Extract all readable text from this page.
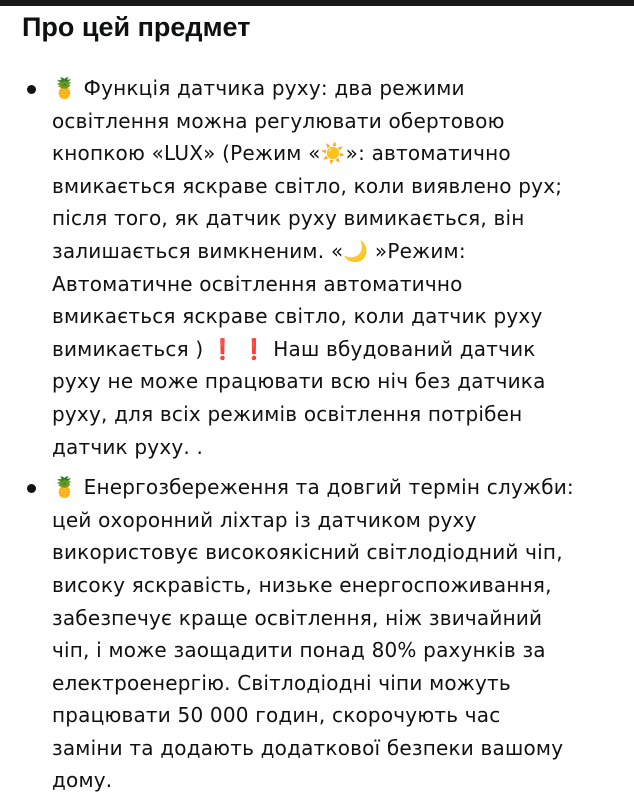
Про цей предмет
🍍 Функція датчика руху: два режими
освітлення можна регулювати обертовою
кнопкою «LUX» (Режим «☀️»: автоматично
вмикається яскраве світло, коли виявлено рух;
після того, як датчик руху вимикається, він
залишається вимкненим. «🌙 »Режим:
Автоматичне освітлення автоматично
вмикається яскраве світло, коли датчик руху
вимикається ) ❗ ❗ Наш вбудований датчик
руху не може працювати всю ніч без датчика
руху, для всіх режимів освітлення потрібен
датчик руху. .
🍍 Енергозбереження та довгий термін служби:
цей охоронний ліхтар із датчиком руху
використовує високоякісний світлодіодний чіп,
високу яскравість, низьке енергоспоживання,
забезпечує краще освітлення, ніж звичайний
чіп, і може заощадити понад 80% рахунків за
електроенергію. Світлодіодні чіпи можуть
працювати 50 000 годин, скорочують час
заміни та додають додаткової безпеки вашому
дому.
